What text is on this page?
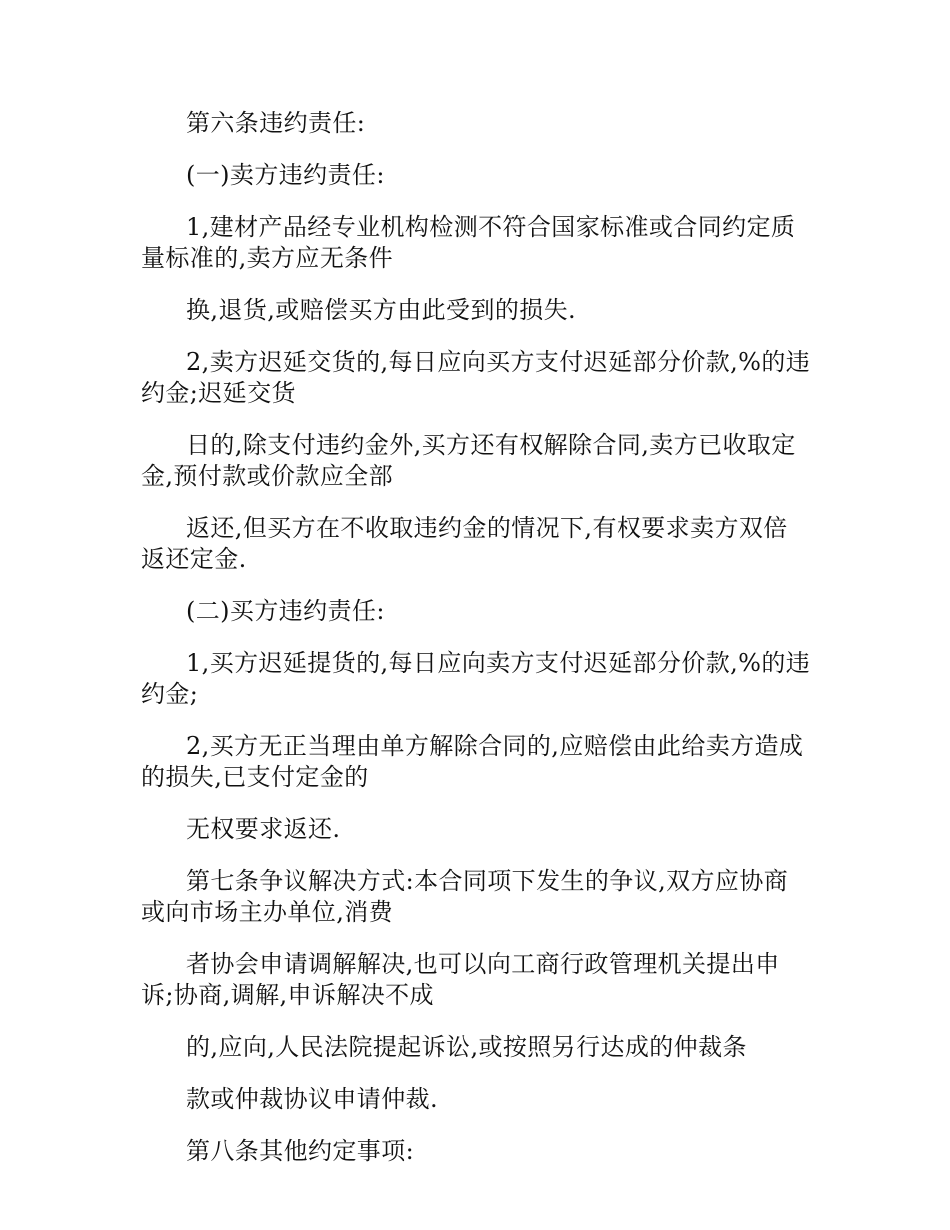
第六条违约责任:

(一)卖方违约责任:

1,建材产品经专业机构检测不符合国家标准或合同约定质量标准的,卖方应无条件

换,退货,或赔偿买方由此受到的损失.

2,卖方迟延交货的,每日应向买方支付迟延部分价款,%的违约金;迟延交货

日的,除支付违约金外,买方还有权解除合同,卖方已收取定金,预付款或价款应全部

返还,但买方在不收取违约金的情况下,有权要求卖方双倍返还定金.

(二)买方违约责任:

1,买方迟延提货的,每日应向卖方支付迟延部分价款,%的违约金;

2,买方无正当理由单方解除合同的,应赔偿由此给卖方造成的损失,已支付定金的

无权要求返还.

第七条争议解决方式:本合同项下发生的争议,双方应协商或向市场主办单位,消费

者协会申请调解解决,也可以向工商行政管理机关提出申诉;协商,调解,申诉解决不成

的,应向,人民法院提起诉讼,或按照另行达成的仲裁条

款或仲裁协议申请仲裁.

第八条其他约定事项:
